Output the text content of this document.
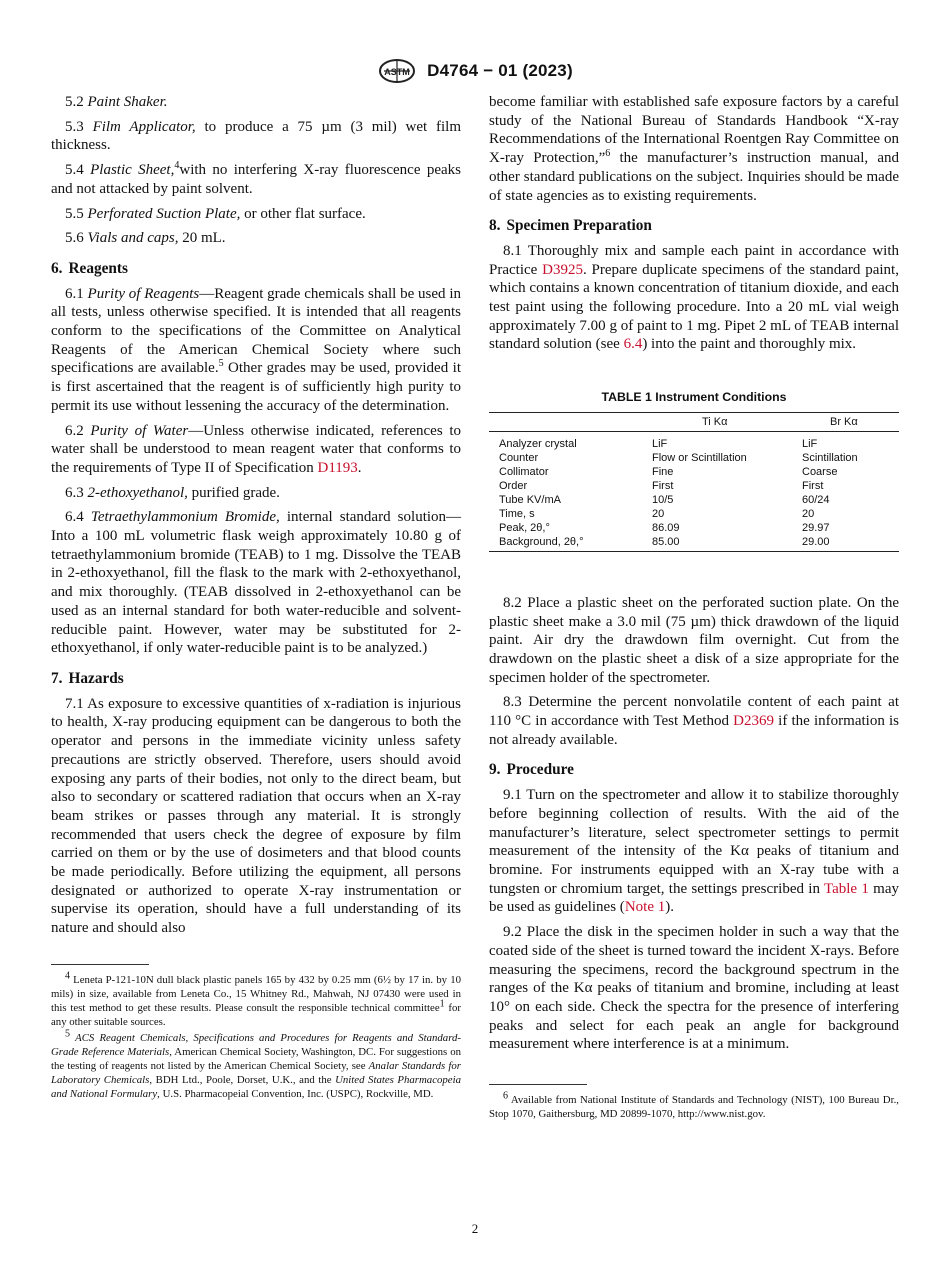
ASTM D4764 − 01 (2023)

5.2 Paint Shaker.

5.3 Film Applicator, to produce a 75 µm (3 mil) wet film thickness.

5.4 Plastic Sheet,$^4$with no interfering X-ray fluorescence peaks and not attacked by paint solvent.

5.5 Perforated Suction Plate, or other flat surface.

5.6 Vials and caps, 20 mL.

6. Reagents

6.1 Purity of Reagents—Reagent grade chemicals shall be used in all tests, unless otherwise specified. It is intended that all reagents conform to the specifications of the Committee on Analytical Reagents of the American Chemical Society where such specifications are available.$^5$ Other grades may be used, provided it is first ascertained that the reagent is of sufficiently high purity to permit its use without lessening the accuracy of the determination.

6.2 Purity of Water—Unless otherwise indicated, references to water shall be understood to mean reagent water that conforms to the requirements of Type II of Specification D1193.

6.3 2-ethoxyethanol, purified grade.

6.4 Tetraethylammonium Bromide, internal standard solution—Into a 100 mL volumetric flask weigh approximately 10.80 g of tetraethylammonium bromide (TEAB) to 1 mg. Dissolve the TEAB in 2-ethoxyethanol, fill the flask to the mark with 2-ethoxyethanol, and mix thoroughly. (TEAB dissolved in 2-ethoxyethanol can be used as an internal standard for both water-reducible and solvent-reducible paint. However, water may be substituted for 2-ethoxyethanol, if only water-reducible paint is to be analyzed.)

7. Hazards

7.1 As exposure to excessive quantities of x-radiation is injurious to health, X-ray producing equipment can be dangerous to both the operator and persons in the immediate vicinity unless safety precautions are strictly observed. Therefore, users should avoid exposing any parts of their bodies, not only to the direct beam, but also to secondary or scattered radiation that occurs when an X-ray beam strikes or passes through any material. It is strongly recommended that users check the degree of exposure by film carried on them or by the use of dosimeters and that blood counts be made periodically. Before utilizing the equipment, all persons designated or authorized to operate X-ray instrumentation or supervise its operation, should have a full understanding of its nature and should also

$^4$ Leneta P-121-10N dull black plastic panels 165 by 432 by 0.25 mm (6½ by 17 in. by 10 mils) in size, available from Leneta Co., 15 Whitney Rd., Mahwah, NJ 07430 were used in this test method to get these results. Please consult the responsible technical committee$^1$ for any other suitable sources.

$^5$ ACS Reagent Chemicals, Specifications and Procedures for Reagents and Standard-Grade Reference Materials, American Chemical Society, Washington, DC. For suggestions on the testing of reagents not listed by the American Chemical Society, see Analar Standards for Laboratory Chemicals, BDH Ltd., Poole, Dorset, U.K., and the United States Pharmacopeia and National Formulary, U.S. Pharmacopeial Convention, Inc. (USPC), Rockville, MD.

become familiar with established safe exposure factors by a careful study of the National Bureau of Standards Handbook “X-ray Recommendations of the International Roentgen Ray Committee on X-ray Protection,”$^6$ the manufacturer’s instruction manual, and other standard publications on the subject. Inquiries should be made of state agencies as to existing requirements.

8. Specimen Preparation

8.1 Thoroughly mix and sample each paint in accordance with Practice D3925. Prepare duplicate specimens of the standard paint, which contains a known concentration of titanium dioxide, and each test paint using the following procedure. Into a 20 mL vial weigh approximately 7.00 g of paint to 1 mg. Pipet 2 mL of TEAB internal standard solution (see 6.4) into the paint and thoroughly mix.

TABLE 1 Instrument Conditions
	Ti Kα	Br Kα
Analyzer crystal	LiF	LiF
Counter	Flow or Scintillation	Scintillation
Collimator	Fine	Coarse
Order	First	First
Tube KV/mA	10/5	60/24
Time, s	20	20
Peak, 2θ,°	86.09	29.97
Background, 2θ,°	85.00	29.00

8.2 Place a plastic sheet on the perforated suction plate. On the plastic sheet make a 3.0 mil (75 µm) thick drawdown of the liquid paint. Air dry the drawdown film overnight. Cut from the drawdown on the plastic sheet a disk of a size appropriate for the specimen holder of the spectrometer.

8.3 Determine the percent nonvolatile content of each paint at 110 °C in accordance with Test Method D2369 if the information is not already available.

9. Procedure

9.1 Turn on the spectrometer and allow it to stabilize thoroughly before beginning collection of results. With the aid of the manufacturer’s literature, select spectrometer settings to permit measurement of the intensity of the Kα peaks of titanium and bromine. For instruments equipped with an X-ray tube with a tungsten or chromium target, the settings prescribed in Table 1 may be used as guidelines (Note 1).

9.2 Place the disk in the specimen holder in such a way that the coated side of the sheet is turned toward the incident X-rays. Before measuring the specimens, record the background spectrum in the ranges of the Kα peaks of titanium and bromine, including at least 10° on each side. Check the spectra for the presence of interfering peaks and select for each peak an angle for background measurement where interference is at a minimum.

$^6$ Available from National Institute of Standards and Technology (NIST), 100 Bureau Dr., Stop 1070, Gaithersburg, MD 20899-1070, http://www.nist.gov.

2
